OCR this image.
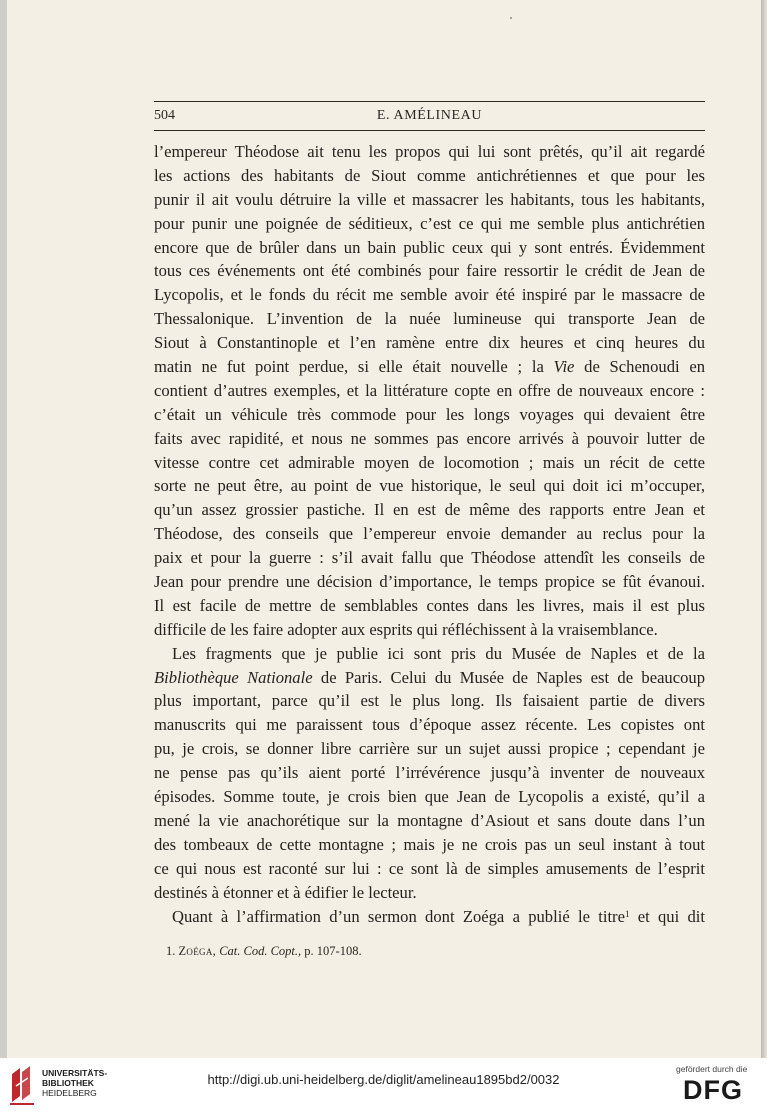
504	E. AMÉLINEAU
l’empereur Théodose ait tenu les propos qui lui sont prêtés, qu’il ait regardé
les actions des habitants de Siout comme antichrétiennes et que pour les
punir il ait voulu détruire la ville et massacrer les habitants, tous les habitants,
pour punir une poignée de séditieux, c’est ce qui me semble plus antichrétien
encore que de brûler dans un bain public ceux qui y sont entrés. Évidemment
tous ces événements ont été combinés pour faire ressortir le crédit de Jean de
Lycopolis, et le fonds du récit me semble avoir été inspiré par le massacre de
Thessalonique. L’invention de la nuée lumineuse qui transporte Jean de
Siout à Constantinople et l’en ramène entre dix heures et cinq heures du
matin ne fut point perdue, si elle était nouvelle ; la Vie de Schenoudi en
contient d’autres exemples, et la littérature copte en offre de nouveaux encore :
c’était un véhicule très commode pour les longs voyages qui devaient être
faits avec rapidité, et nous ne sommes pas encore arrivés à pouvoir lutter de
vitesse contre cet admirable moyen de locomotion ; mais un récit de cette
sorte ne peut être, au point de vue historique, le seul qui doit ici m’occuper,
qu’un assez grossier pastiche. Il en est de même des rapports entre Jean et
Théodose, des conseils que l’empereur envoie demander au reclus pour la
paix et pour la guerre : s’il avait fallu que Théodose attendît les conseils de
Jean pour prendre une décision d’importance, le temps propice se fût évanoui.
Il est facile de mettre de semblables contes dans les livres, mais il est plus
difficile de les faire adopter aux esprits qui réfléchissent à la vraisemblance.
Les fragments que je publie ici sont pris du Musée de Naples et de la
Bibliothèque Nationale de Paris. Celui du Musée de Naples est de beaucoup
plus important, parce qu’il est le plus long. Ils faisaient partie de divers
manuscrits qui me paraissent tous d’époque assez récente. Les copistes ont
pu, je crois, se donner libre carrière sur un sujet aussi propice ; cependant je
ne pense pas qu’ils aient porté l’irrévérence jusqu’à inventer de nouveaux
épisodes. Somme toute, je crois bien que Jean de Lycopolis a existé, qu’il a
mené la vie anachorétique sur la montagne d’Asiout et sans doute dans l’un
des tombeaux de cette montagne ; mais je ne crois pas un seul instant à tout
ce qui nous est raconté sur lui : ce sont là de simples amusements de l’esprit
destinés à étonner et à édifier le lecteur.
Quant à l’affirmation d’un sermon dont Zoéga a publié le titre$^1$ et qui dit
1. Zoéga, Cat. Cod. Copt., p. 107-108.
UNIVERSITÄTS-
BIBLIOTHEK
HEIDELBERG
http://digi.ub.uni-heidelberg.de/diglit/amelineau1895bd2/0032
gefördert durch die
DFG
